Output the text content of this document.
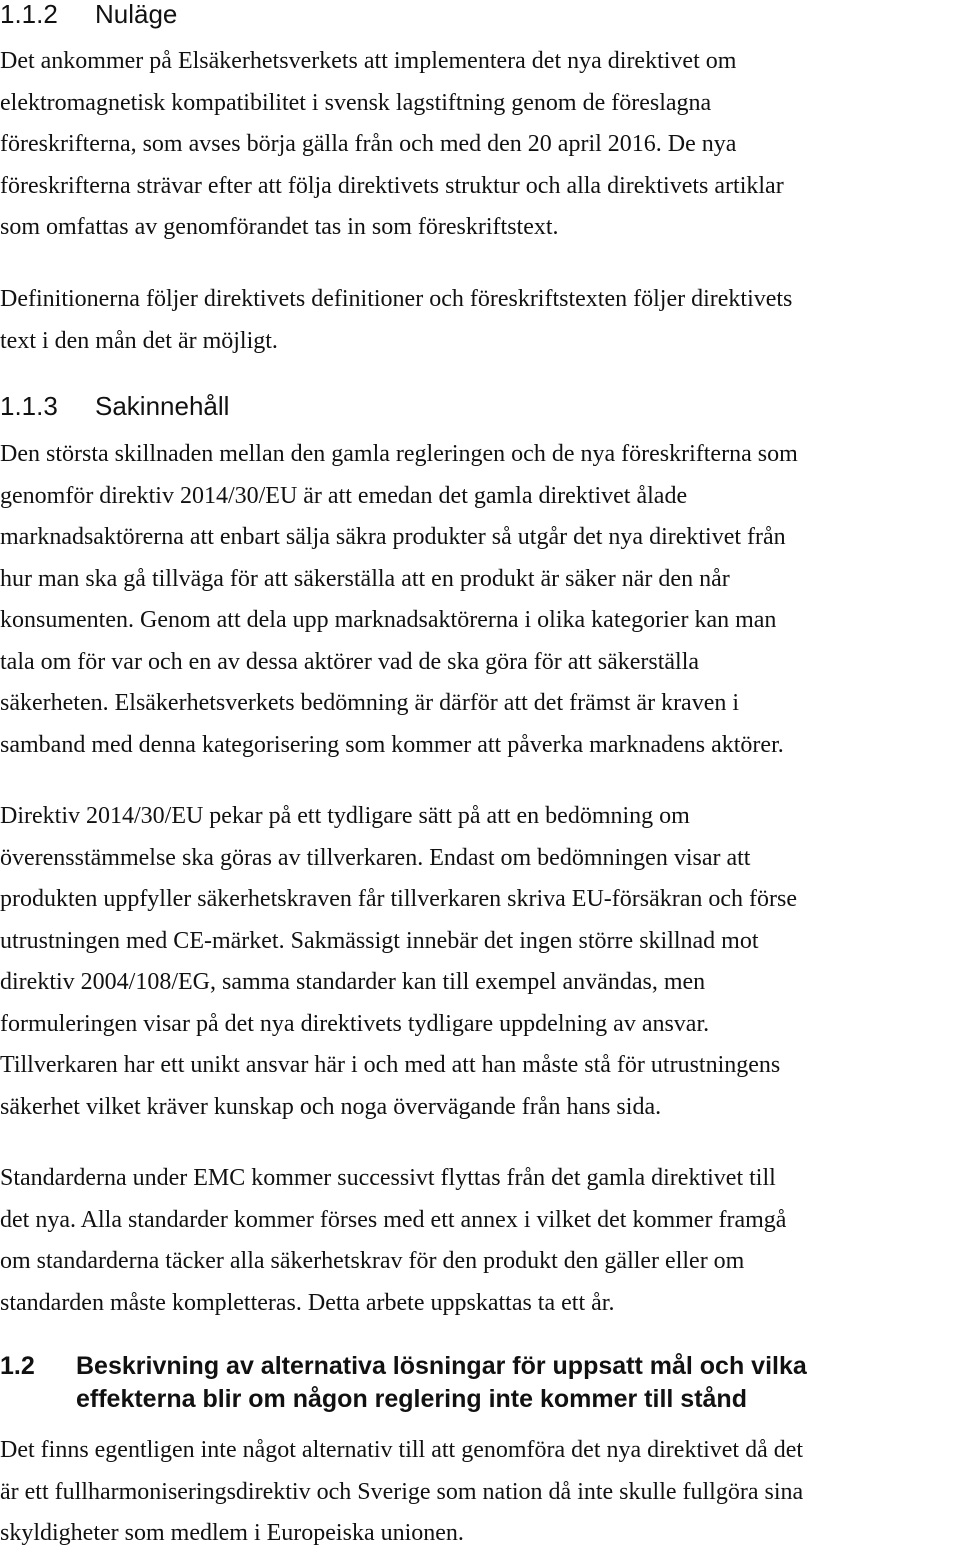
1.1.2 Nuläge

Det ankommer på Elsäkerhetsverkets att implementera det nya direktivet om
elektromagnetisk kompatibilitet i svensk lagstiftning genom de föreslagna
föreskrifterna, som avses börja gälla från och med den 20 april 2016. De nya
föreskrifterna strävar efter att följa direktivets struktur och alla direktivets artiklar
som omfattas av genomförandet tas in som föreskriftstext.

Definitionerna följer direktivets definitioner och föreskriftstexten följer direktivets
text i den mån det är möjligt.

1.1.3 Sakinnehåll

Den största skillnaden mellan den gamla regleringen och de nya föreskrifterna som
genomför direktiv 2014/30/EU är att emedan det gamla direktivet ålade
marknadsaktörerna att enbart sälja säkra produkter så utgår det nya direktivet från
hur man ska gå tillväga för att säkerställa att en produkt är säker när den når
konsumenten. Genom att dela upp marknadsaktörerna i olika kategorier kan man
tala om för var och en av dessa aktörer vad de ska göra för att säkerställa
säkerheten. Elsäkerhetsverkets bedömning är därför att det främst är kraven i
samband med denna kategorisering som kommer att påverka marknadens aktörer.

Direktiv 2014/30/EU pekar på ett tydligare sätt på att en bedömning om
överensstämmelse ska göras av tillverkaren. Endast om bedömningen visar att
produkten uppfyller säkerhetskraven får tillverkaren skriva EU-försäkran och förse
utrustningen med CE-märket. Sakmässigt innebär det ingen större skillnad mot
direktiv 2004/108/EG, samma standarder kan till exempel användas, men
formuleringen visar på det nya direktivets tydligare uppdelning av ansvar.
Tillverkaren har ett unikt ansvar här i och med att han måste stå för utrustningens
säkerhet vilket kräver kunskap och noga övervägande från hans sida.

Standarderna under EMC kommer successivt flyttas från det gamla direktivet till
det nya. Alla standarder kommer förses med ett annex i vilket det kommer framgå
om standarderna täcker alla säkerhetskrav för den produkt den gäller eller om
standarden måste kompletteras. Detta arbete uppskattas ta ett år.

1.2 Beskrivning av alternativa lösningar för uppsatt mål och vilka
effekterna blir om någon reglering inte kommer till stånd

Det finns egentligen inte något alternativ till att genomföra det nya direktivet då det
är ett fullharmoniseringsdirektiv och Sverige som nation då inte skulle fullgöra sina
skyldigheter som medlem i Europeiska unionen.
